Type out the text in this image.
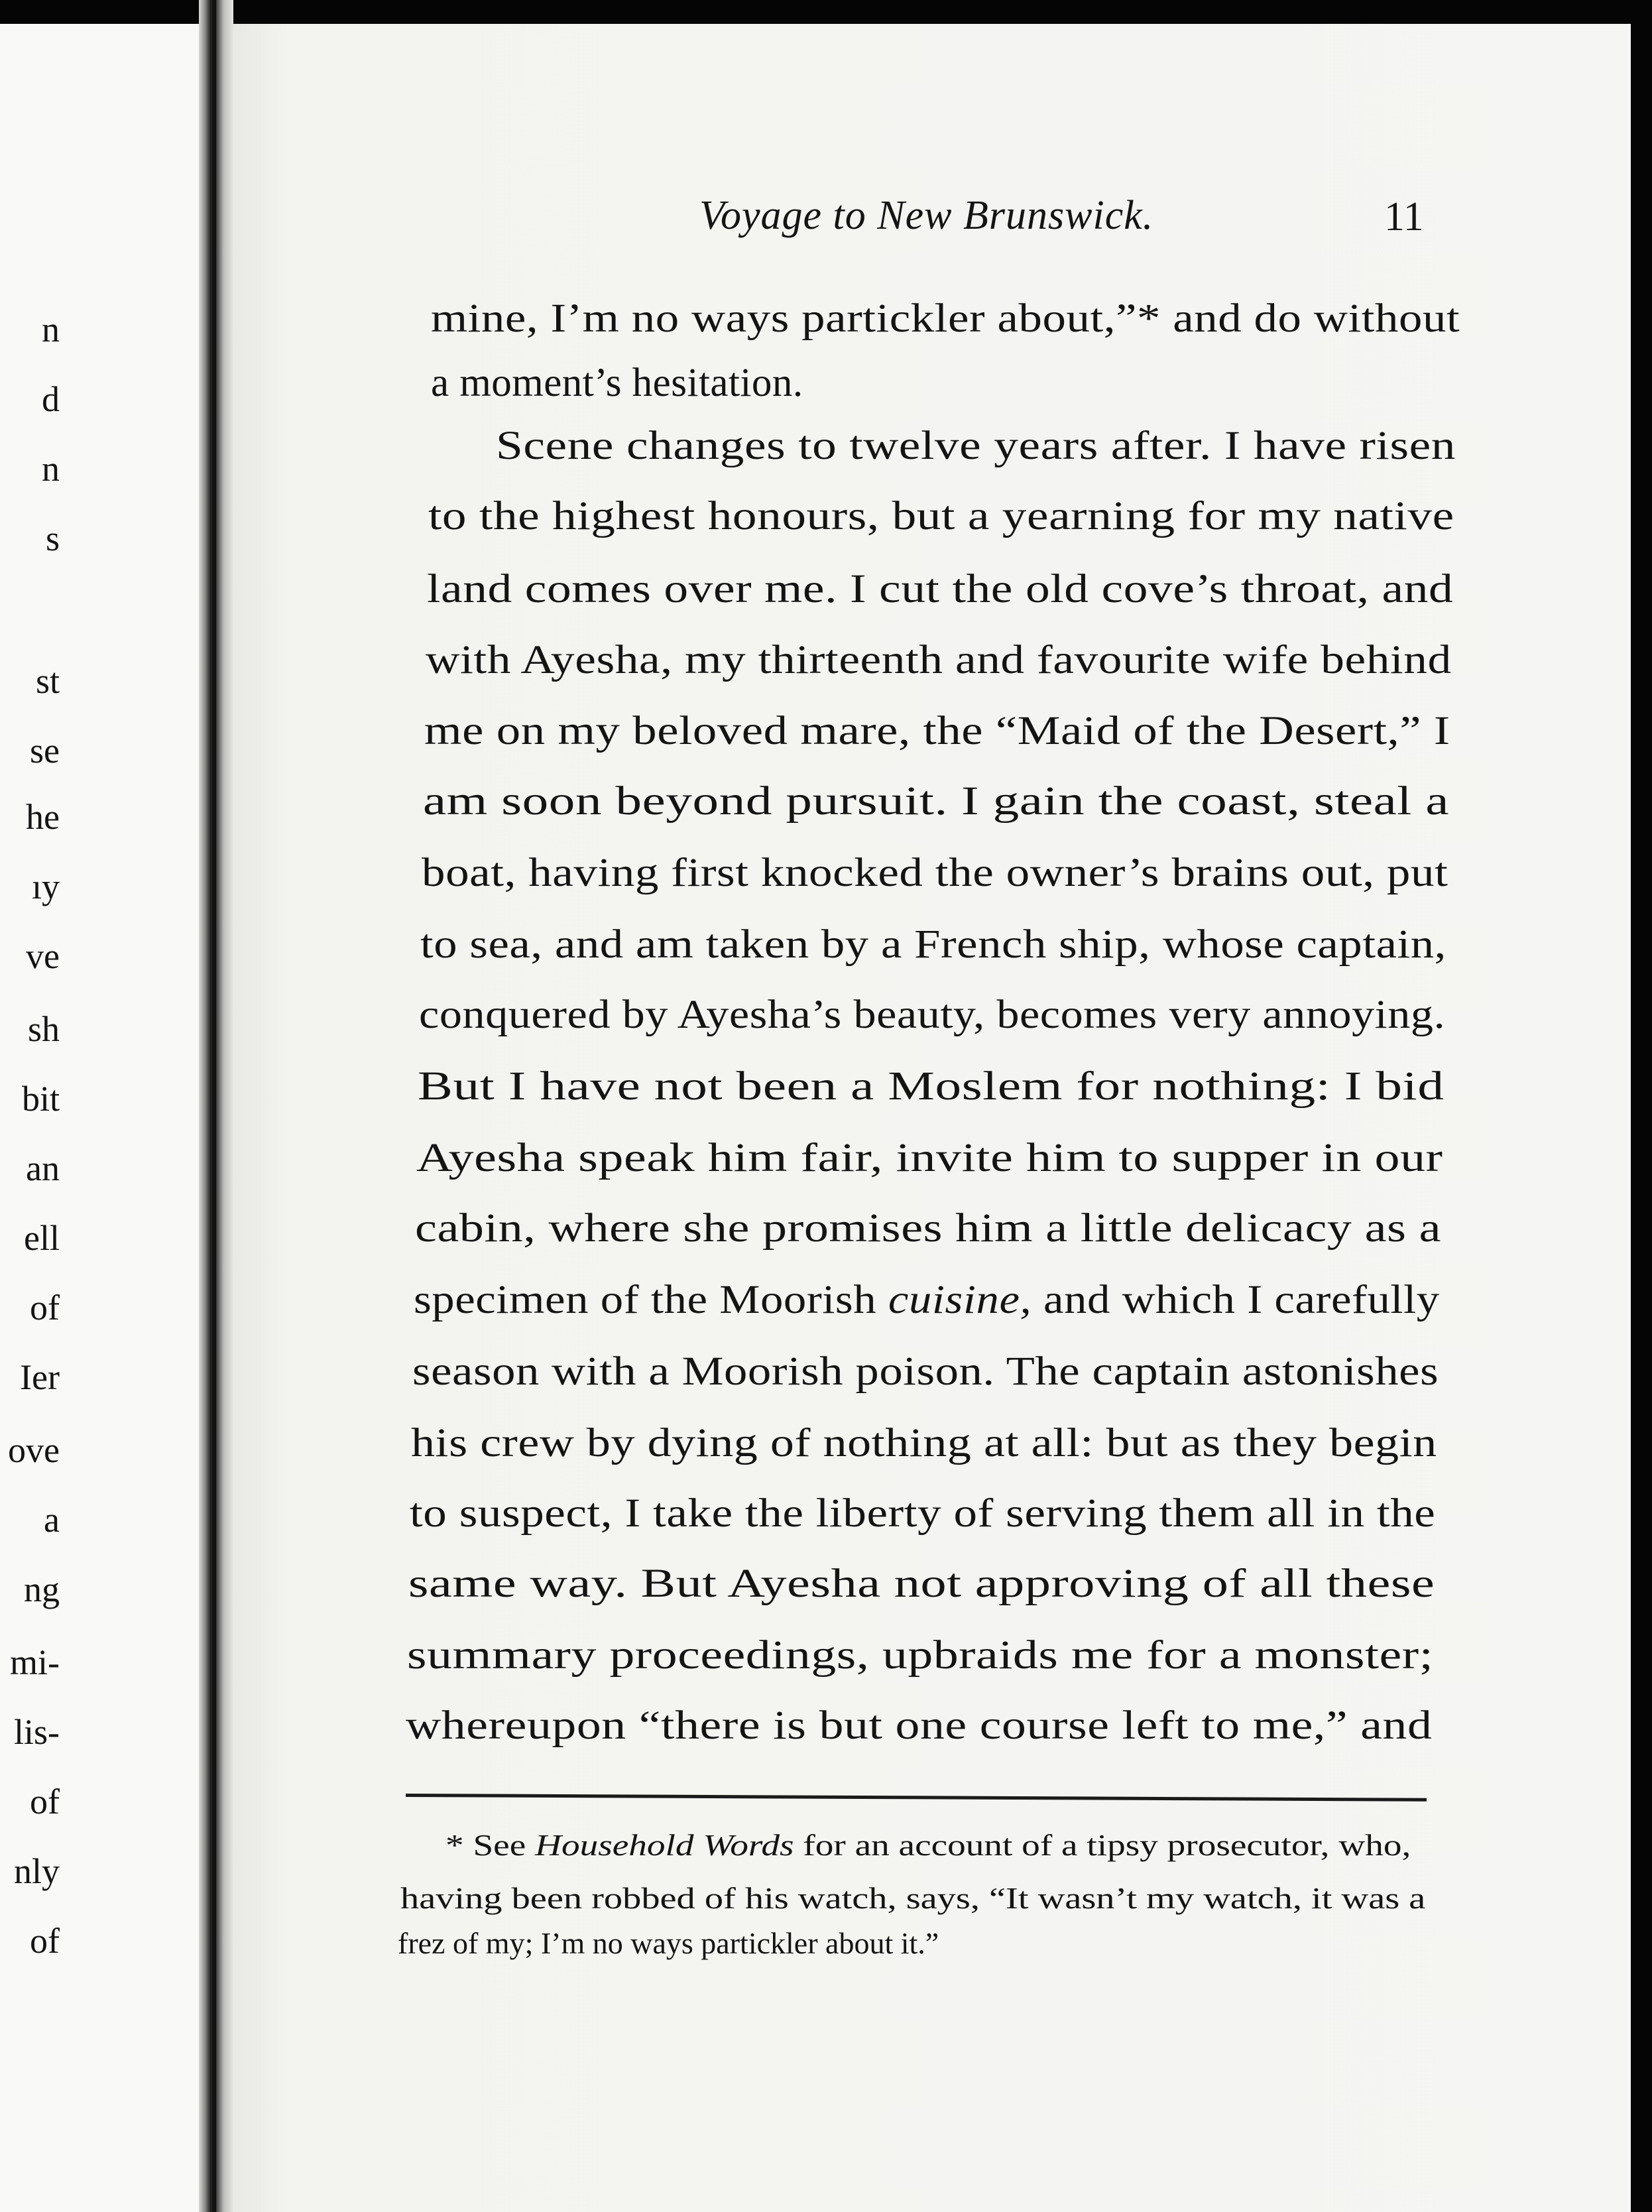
n
d
n
s
st
se
he
ıy
ve
sh
bit
an
ell
of
Ier
ove
a
ng
mi-
lis-
of
nly
of
Voyage to New Brunswick.	11
mine, I’m no ways partickler about,”* and do without
a moment’s hesitation.
Scene changes to twelve years after. I have risen
to the highest honours, but a yearning for my native
land comes over me. I cut the old cove’s throat, and
with Ayesha, my thirteenth and favourite wife behind
me on my beloved mare, the “Maid of the Desert,” I
am soon beyond pursuit. I gain the coast, steal a
boat, having first knocked the owner’s brains out, put
to sea, and am taken by a French ship, whose captain,
conquered by Ayesha’s beauty, becomes very annoying.
But I have not been a Moslem for nothing: I bid
Ayesha speak him fair, invite him to supper in our
cabin, where she promises him a little delicacy as a
specimen of the Moorish cuisine, and which I carefully
season with a Moorish poison. The captain astonishes
his crew by dying of nothing at all: but as they begin
to suspect, I take the liberty of serving them all in the
same way. But Ayesha not approving of all these
summary proceedings, upbraids me for a monster;
whereupon “there is but one course left to me,” and
* See Household Words for an account of a tipsy prosecutor, who,
having been robbed of his watch, says, “It wasn’t my watch, it was a
frez of my; I’m no ways partickler about it.”
